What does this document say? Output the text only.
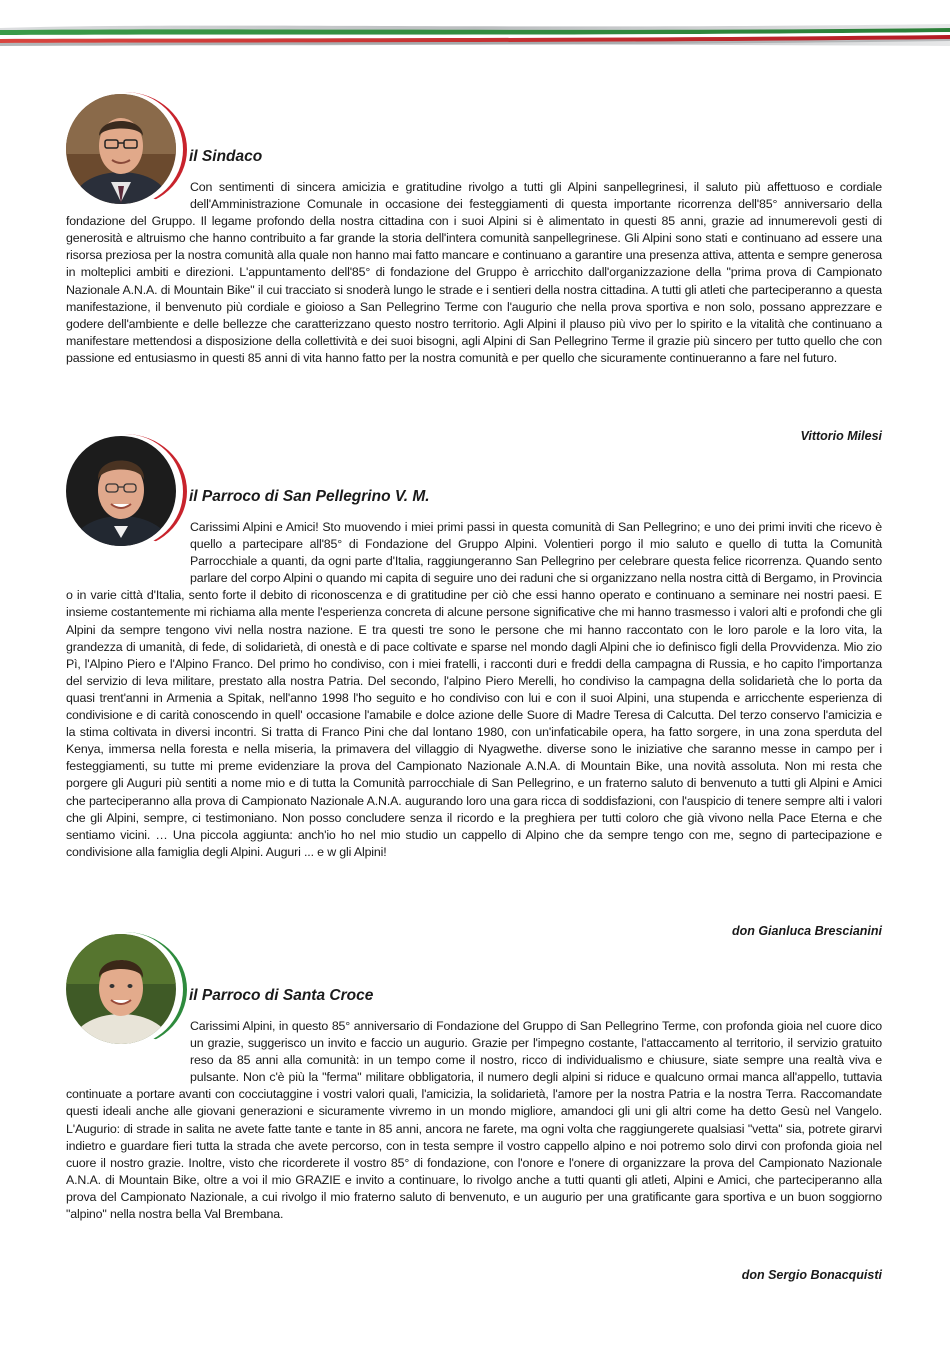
il Sindaco

Con sentimenti di sincera amicizia e gratitudine rivolgo a tutti gli Alpini sanpellegrinesi, il saluto più affettuoso e cordiale dell'Amministrazione Comunale in occasione dei festeggiamenti di questa importante ricorrenza dell'85° anniversario della fondazione del Gruppo. Il legame profondo della nostra cittadina con i suoi Alpini si è alimentato in questi 85 anni, grazie ad innumerevoli gesti di generosità e altruismo che hanno contribuito a far grande la storia dell'intera comunità sanpellegrinese. Gli Alpini sono stati e continuano ad essere una risorsa preziosa per la nostra comunità alla quale non hanno mai fatto mancare e continuano a garantire una presenza attiva, attenta e sempre generosa in molteplici ambiti e direzioni. L'appuntamento dell'85° di fondazione del Gruppo è arricchito dall'organizzazione della "prima prova di Campionato Nazionale A.N.A. di Mountain Bike" il cui tracciato si snoderà lungo le strade e i sentieri della nostra cittadina. A tutti gli atleti che parteciperanno a questa manifestazione, il benvenuto più cordiale e gioioso a San Pellegrino Terme con l'augurio che nella prova sportiva e non solo, possano apprezzare e godere dell'ambiente e delle bellezze che caratterizzano questo nostro territorio. Agli Alpini il plauso più vivo per lo spirito e la vitalità che continuano a manifestare mettendosi a disposizione della collettività e dei suoi bisogni, agli Alpini di San Pellegrino Terme il grazie più sincero per tutto quello che con passione ed entusiasmo in questi 85 anni di vita hanno fatto per la nostra comunità e per quello che sicuramente continueranno a fare nel futuro.

Vittorio Milesi

il Parroco di San Pellegrino V. M.

Carissimi Alpini e Amici! Sto muovendo i miei primi passi in questa comunità di San Pellegrino; e uno dei primi inviti che ricevo è quello a partecipare all'85° di Fondazione del Gruppo Alpini. Volentieri porgo il mio saluto e quello di tutta la Comunità Parrocchiale a quanti, da ogni parte d'Italia, raggiungeranno San Pellegrino per celebrare questa felice ricorrenza. Quando sento parlare del corpo Alpini o quando mi capita di seguire uno dei raduni che si organizzano nella nostra città di Bergamo, in Provincia o in varie città d'Italia, sento forte il debito di riconoscenza e di gratitudine per ciò che essi hanno operato e continuano a seminare nei nostri paesi. E insieme costantemente mi richiama alla mente l'esperienza concreta di alcune persone significative che mi hanno trasmesso i valori alti e profondi che gli Alpini da sempre tengono vivi nella nostra nazione. E tra questi tre sono le persone che mi hanno raccontato con le loro parole e la loro vita, la grandezza di umanità, di fede, di solidarietà, di onestà e di pace coltivate e sparse nel mondo dagli Alpini che io definisco figli della Provvidenza. Mio zio Pì, l'Alpino Piero e l'Alpino Franco. Del primo ho condiviso, con i miei fratelli, i racconti duri e freddi della campagna di Russia, e ho capito l'importanza del servizio di leva militare, prestato alla nostra Patria. Del secondo, l'alpino Piero Merelli, ho condiviso la campagna della solidarietà che lo porta da quasi trent'anni in Armenia a Spitak, nell'anno 1998 l'ho seguito e ho condiviso con lui e con il suoi Alpini, una stupenda e arricchente esperienza di condivisione e di carità conoscendo in quell' occasione l'amabile e dolce azione delle Suore di Madre Teresa di Calcutta. Del terzo conservo l'amicizia e la stima coltivata in diversi incontri. Si tratta di Franco Pini che dal lontano 1980, con un'infaticabile opera, ha fatto sorgere, in una zona sperduta del Kenya, immersa nella foresta e nella miseria, la primavera del villaggio di Nyagwethe. diverse sono le iniziative che saranno messe in campo per i festeggiamenti, su tutte mi preme evidenziare la prova del Campionato Nazionale A.N.A. di Mountain Bike, una novità assoluta. Non mi resta che porgere gli Auguri più sentiti a nome mio e di tutta la Comunità parrocchiale di San Pellegrino, e un fraterno saluto di benvenuto a tutti gli Alpini e Amici che parteciperanno alla prova di Campionato Nazionale A.N.A. augurando loro una gara ricca di soddisfazioni, con l'auspicio di tenere sempre alti i valori che gli Alpini, sempre, ci testimoniano. Non posso concludere senza il ricordo e la preghiera per tutti coloro che già vivono nella Pace Eterna e che sentiamo vicini. … Una piccola aggiunta: anch'io ho nel mio studio un cappello di Alpino che da sempre tengo con me, segno di partecipazione e condivisione alla famiglia degli Alpini. Auguri ... e w gli Alpini!

don Gianluca Brescianini

il Parroco di Santa Croce

Carissimi Alpini, in questo 85° anniversario di Fondazione del Gruppo di San Pellegrino Terme, con profonda gioia nel cuore dico un grazie, suggerisco un invito e faccio un augurio. Grazie per l'impegno costante, l'attaccamento al territorio, il servizio gratuito reso da 85 anni alla comunità: in un tempo come il nostro, ricco di individualismo e chiusure, siate sempre una realtà viva e pulsante. Non c'è più la "ferma" militare obbligatoria, il numero degli alpini si riduce e qualcuno ormai manca all'appello, tuttavia continuate a portare avanti con cocciutaggine i vostri valori quali, l'amicizia, la solidarietà, l'amore per la nostra Patria e la nostra Terra. Raccomandate questi ideali anche alle giovani generazioni e sicuramente vivremo in un mondo migliore, amandoci gli uni gli altri come ha detto Gesù nel Vangelo. L'Augurio: di strade in salita ne avete fatte tante e tante in 85 anni, ancora ne farete, ma ogni volta che raggiungerete qualsiasi "vetta" sia, potrete girarvi indietro e guardare fieri tutta la strada che avete percorso, con in testa sempre il vostro cappello alpino e noi potremo solo dirvi con profonda gioia nel cuore il nostro grazie. Inoltre, visto che ricorderete il vostro 85° di fondazione, con l'onore e l'onere di organizzare la prova del Campionato Nazionale A.N.A. di Mountain Bike, oltre a voi il mio GRAZIE e invito a continuare, lo rivolgo anche a tutti quanti gli atleti, Alpini e Amici, che parteciperanno alla prova del Campionato Nazionale, a cui rivolgo il mio fraterno saluto di benvenuto, e un augurio per una gratificante gara sportiva e un buon soggiorno "alpino" nella nostra bella Val Brembana.

don Sergio Bonacquisti
